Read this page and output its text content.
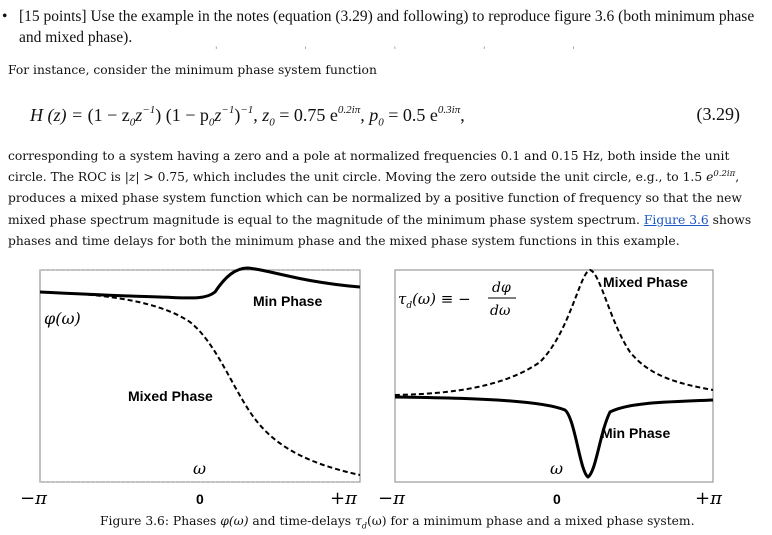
• [15 points] Use the example in the notes (equation (3.29) and following) to reproduce figure 3.6 (both minimum phase and mixed phase).
' ' ' ' '
For instance, consider the minimum phase system function
H $(z) = (1 - z_0z^{-1})$ $(1 - p_0z^{-1})^{-1}$, $z_0 = 0.75$ $e^{0.2i\pi}$, $p_0 = 0.5$ $e^{0.3i\pi}$,	(3.29)
corresponding to a system having a zero and a pole at normalized frequencies 0.1 and 0.15 Hz, both inside the unit circle. The ROC is |z| > 0.75, which includes the unit circle. Moving the zero outside the unit circle, e.g., to 1.5 $e^{0.2i\pi}$, produces a mixed phase system function which can be normalized by a positive function of frequency so that the new mixed phase spectrum magnitude is equal to the magnitude of the minimum phase system spectrum. Figure 3.6 shows phases and time delays for both the minimum phase and the mixed phase system functions in this example.
φ(ω)
Min Phase
Mixed Phase
ω
−π	0	+π
$\tau_d(\omega)$ ≡ −
dφ
dω
Mixed Phase
Min Phase
ω
−π	0	+π
Figure 3.6: Phases φ(ω) and time-delays $\tau_d(\omega)$ for a minimum phase and a mixed phase system.
